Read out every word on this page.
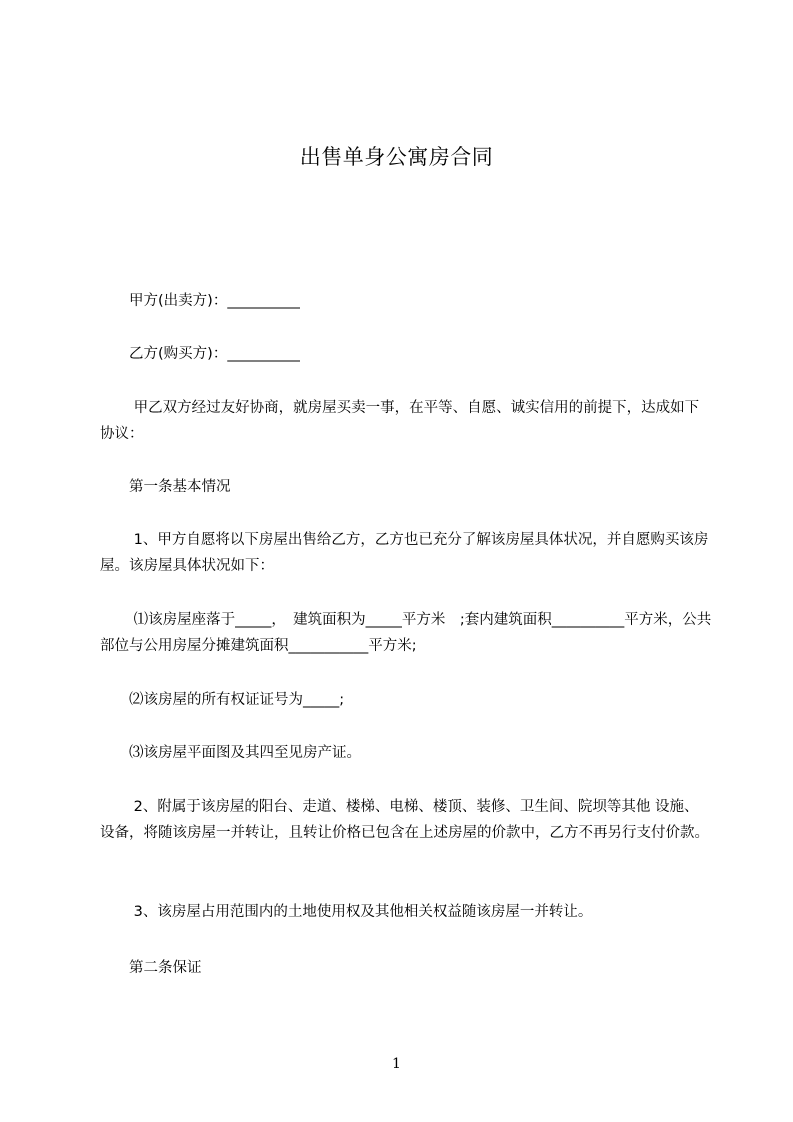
出售单身公寓房合同
　　甲方(出卖方)：__________
　　乙方(购买方)：__________
　　 甲乙双方经过友好协商，就房屋买卖一事，在平等、自愿、诚实信用的前提下，达成如下协议：
　　第一条基本情况
　　 1、甲方自愿将以下房屋出售给乙方，乙方也已充分了解该房屋具体状况，并自愿购买该房屋。该房屋具体状况如下：
　　 ⑴该房屋座落于_____，　建筑面积为_____平方米　;套内建筑面积__________平方米，公共部位与公用房屋分摊建筑面积___________平方米;
　　⑵该房屋的所有权证证号为_____;
　　⑶该房屋平面图及其四至见房产证。
　　 2、附属于该房屋的阳台、走道、楼梯、电梯、楼顶、装修、卫生间、院坝等其他 设施、设备，将随该房屋一并转让，且转让价格已包含在上述房屋的价款中，乙方不再另行支付价款。
　　 3、该房屋占用范围内的土地使用权及其他相关权益随该房屋一并转让。
　　第二条保证
1
